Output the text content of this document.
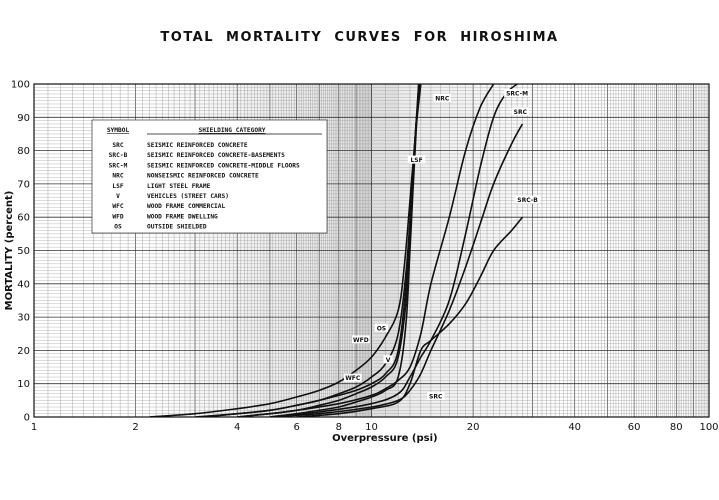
TOTAL MORTALITY CURVES FOR HIROSHIMA
1	2	4	6	8 10	20	40	60	80 100
0
10
20
30
40
50
60
70
80
90
100
WFD
OS
V
WFC
LSF
NRC
SRC-M
SRC
SRC-B
SRC
SYMBOL	SHIELDING CATEGORY
SRC	SEISMIC REINFORCED CONCRETE
SRC-B	SEISMIC REINFORCED CONCRETE-BASEMENTS
SRC-M	SEISMIC REINFORCED CONCRETE-MIDDLE FLOORS
NRC	NONSEISMIC REINFORCED CONCRETE
LSF	LIGHT STEEL FRAME
V	VEHICLES (STREET CARS)
WFC	WOOD FRAME COMMERCIAL
WFD	WOOD FRAME DWELLING
OS	OUTSIDE SHIELDED
Overpressure (psi)
MORTALITY (percent)
